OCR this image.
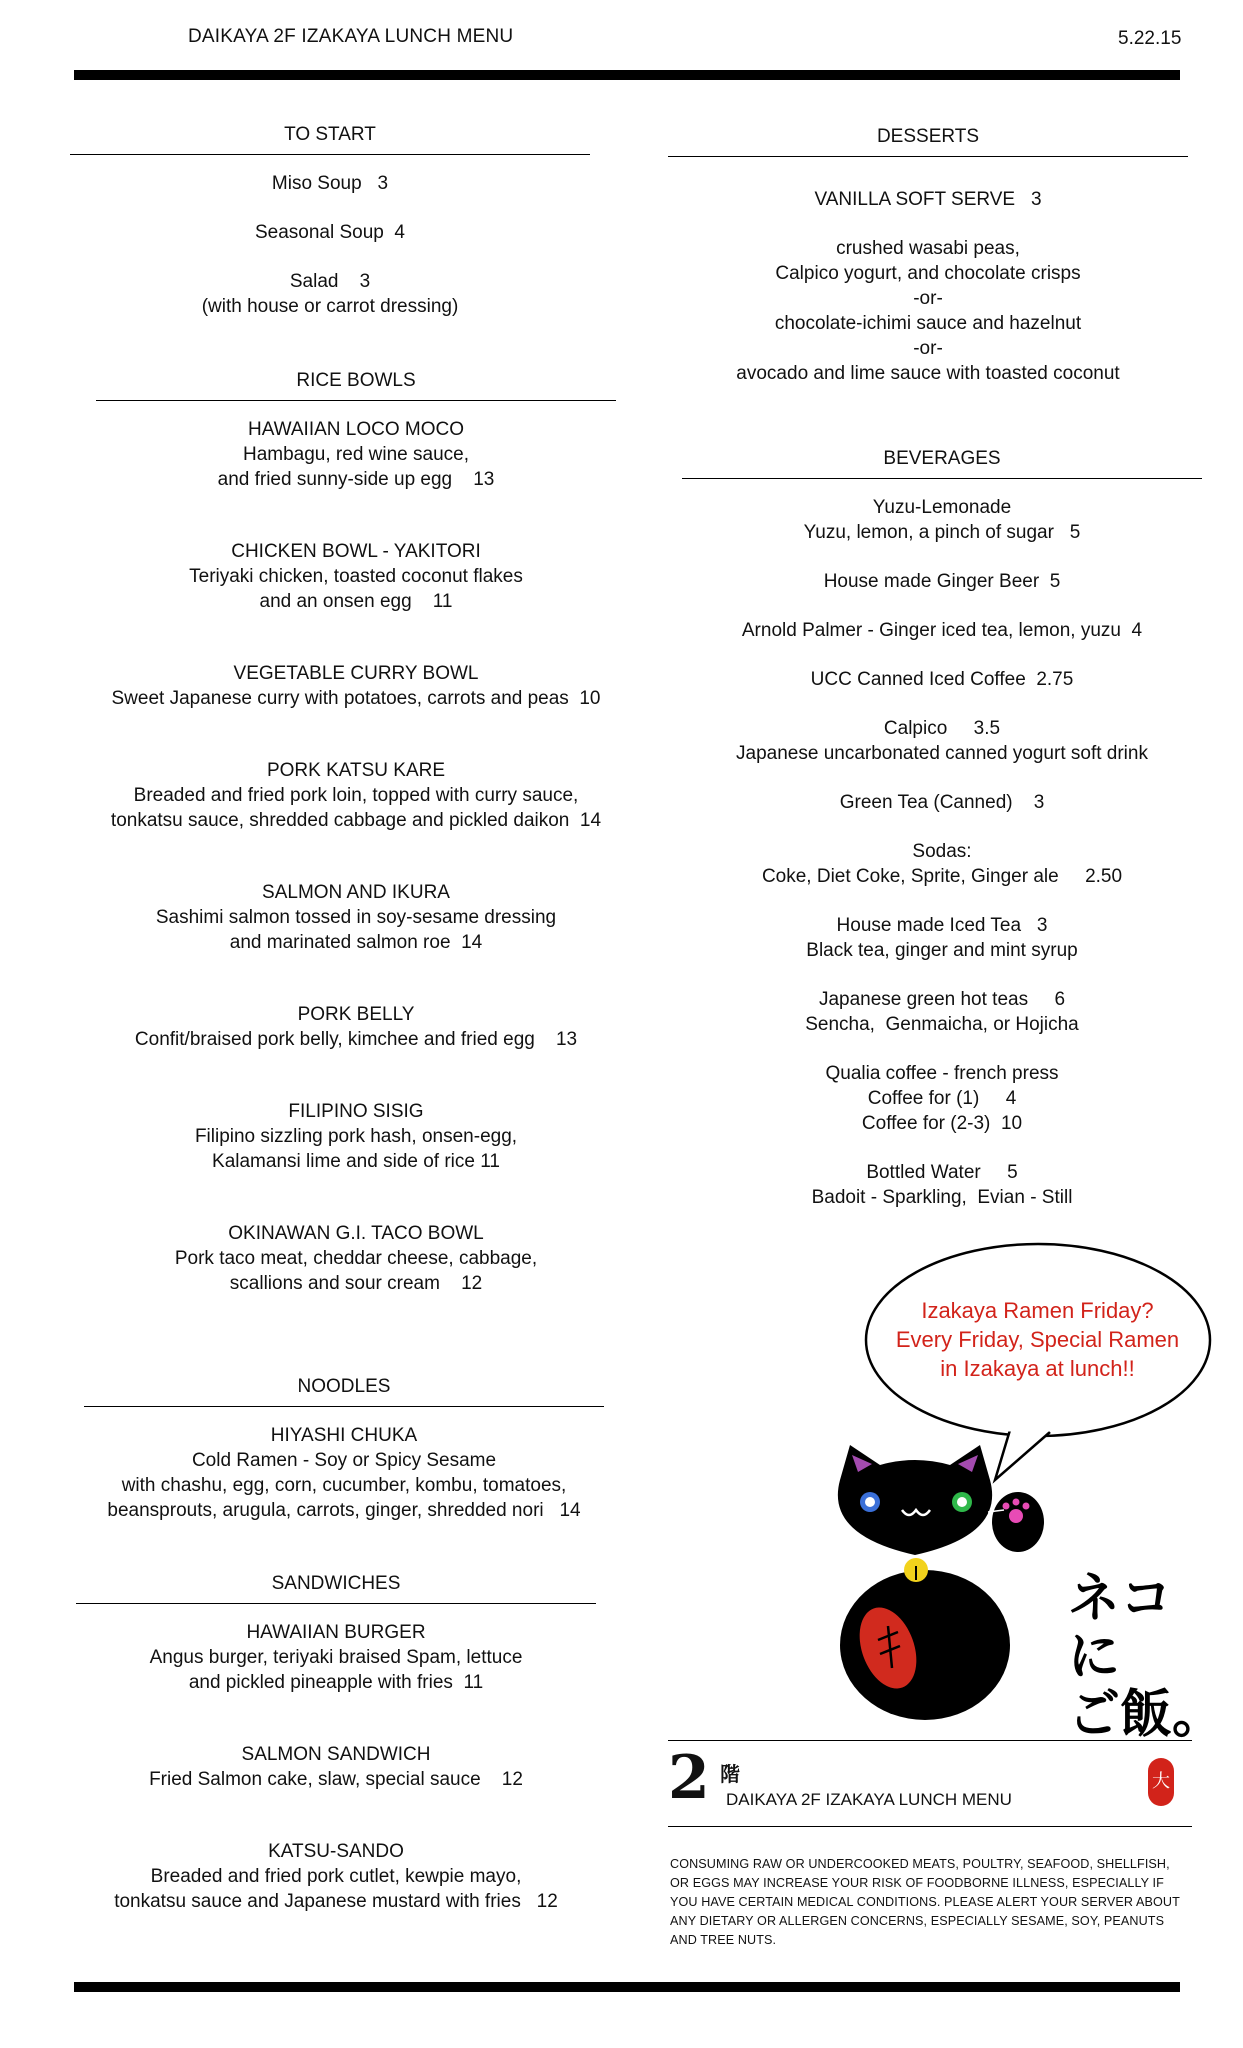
DAIKAYA 2F IZAKAYA LUNCH MENU	5.22.15
TO START
Miso Soup   3
Seasonal Soup  4
Salad    3
(with house or carrot dressing)
RICE BOWLS
HAWAIIAN LOCO MOCO
Hambagu, red wine sauce,
and fried sunny-side up egg    13
CHICKEN BOWL - YAKITORI
Teriyaki chicken, toasted coconut flakes
and an onsen egg    11
VEGETABLE CURRY BOWL
Sweet Japanese curry with potatoes, carrots and peas  10
PORK KATSU KARE
Breaded and fried pork loin, topped with curry sauce,
tonkatsu sauce, shredded cabbage and pickled daikon  14
SALMON AND IKURA
Sashimi salmon tossed in soy-sesame dressing
and marinated salmon roe  14
PORK BELLY
Confit/braised pork belly, kimchee and fried egg    13
FILIPINO SISIG
Filipino sizzling pork hash, onsen-egg,
Kalamansi lime and side of rice 11
OKINAWAN G.I. TACO BOWL
Pork taco meat, cheddar cheese, cabbage,
scallions and sour cream    12
NOODLES
HIYASHI CHUKA
Cold Ramen - Soy or Spicy Sesame
with chashu, egg, corn, cucumber, kombu, tomatoes,
beansprouts, arugula, carrots, ginger, shredded nori   14
SANDWICHES
HAWAIIAN BURGER
Angus burger, teriyaki braised Spam, lettuce
and pickled pineapple with fries  11
SALMON SANDWICH
Fried Salmon cake, slaw, special sauce    12
KATSU-SANDO
Breaded and fried pork cutlet, kewpie mayo,
tonkatsu sauce and Japanese mustard with fries   12
DESSERTS
VANILLA SOFT SERVE   3
crushed wasabi peas,
Calpico yogurt, and chocolate crisps
-or-
chocolate-ichimi sauce and hazelnut
-or-
avocado and lime sauce with toasted coconut
BEVERAGES
Yuzu-Lemonade
Yuzu, lemon, a pinch of sugar   5
House made Ginger Beer  5
Arnold Palmer - Ginger iced tea, lemon, yuzu  4
UCC Canned Iced Coffee  2.75
Calpico     3.5
Japanese uncarbonated canned yogurt soft drink
Green Tea (Canned)    3
Sodas:
Coke, Diet Coke, Sprite, Ginger ale     2.50
House made Iced Tea   3
Black tea, ginger and mint syrup
Japanese green hot teas     6
Sencha,  Genmaicha, or Hojicha
Qualia coffee - french press
Coffee for (1)     4
Coffee for (2-3)  10
Bottled Water     5
Badoit - Sparkling,  Evian - Still
Izakaya Ramen Friday?
Every Friday, Special Ramen
in Izakaya at lunch!!
ネコ
に
ご飯。
2 階
DAIKAYA 2F IZAKAYA LUNCH MENU
大
CONSUMING RAW OR UNDERCOOKED MEATS, POULTRY, SEAFOOD, SHELLFISH, OR EGGS MAY INCREASE YOUR RISK OF FOODBORNE ILLNESS, ESPECIALLY IF YOU HAVE CERTAIN MEDICAL CONDITIONS. PLEASE ALERT YOUR SERVER ABOUT ANY DIETARY OR ALLERGEN CONCERNS, ESPECIALLY SESAME, SOY, PEANUTS AND TREE NUTS.
